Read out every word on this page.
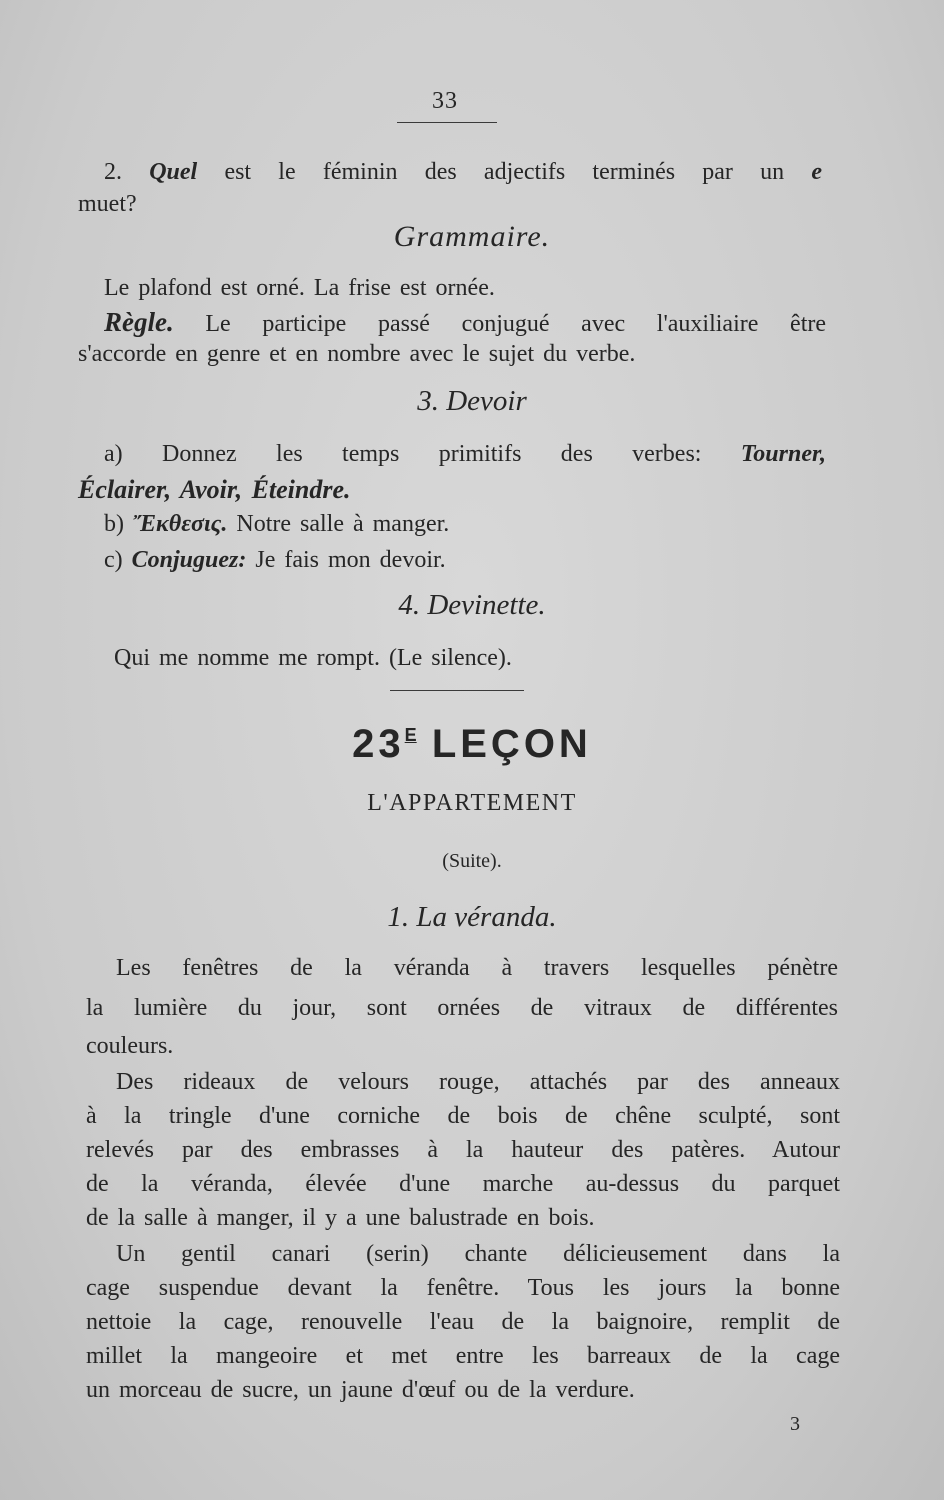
33
2. Quel est le féminin des adjectifs terminés par un e
muet?
Grammaire.
Le plafond est orné. La frise est ornée.
Règle. Le participe passé conjugué avec l'auxiliaire être
s'accorde en genre et en nombre avec le sujet du verbe.
3. Devoir
a) Donnez les temps primitifs des verbes: Tourner,
Éclairer, Avoir, Éteindre.
b) Ἔκθεσις. Notre salle à manger.
c) Conjuguez: Je fais mon devoir.
4. Devinette.
Qui me nomme me rompt. (Le silence).
$23^E$ LEÇON
L'APPARTEMENT
(Suite).
1. La véranda.
Les fenêtres de la véranda à travers lesquelles pénètre
la lumière du jour, sont ornées de vitraux de différentes
couleurs.
Des rideaux de velours rouge, attachés par des anneaux
à la tringle d'une corniche de bois de chêne sculpté, sont
relevés par des embrasses à la hauteur des patères. Autour
de la véranda, élevée d'une marche au-dessus du parquet
de la salle à manger, il y a une balustrade en bois.
Un gentil canari (serin) chante délicieusement dans la
cage suspendue devant la fenêtre. Tous les jours la bonne
nettoie la cage, renouvelle l'eau de la baignoire, remplit de
millet la mangeoire et met entre les barreaux de la cage
un morceau de sucre, un jaune d'œuf ou de la verdure.
3
